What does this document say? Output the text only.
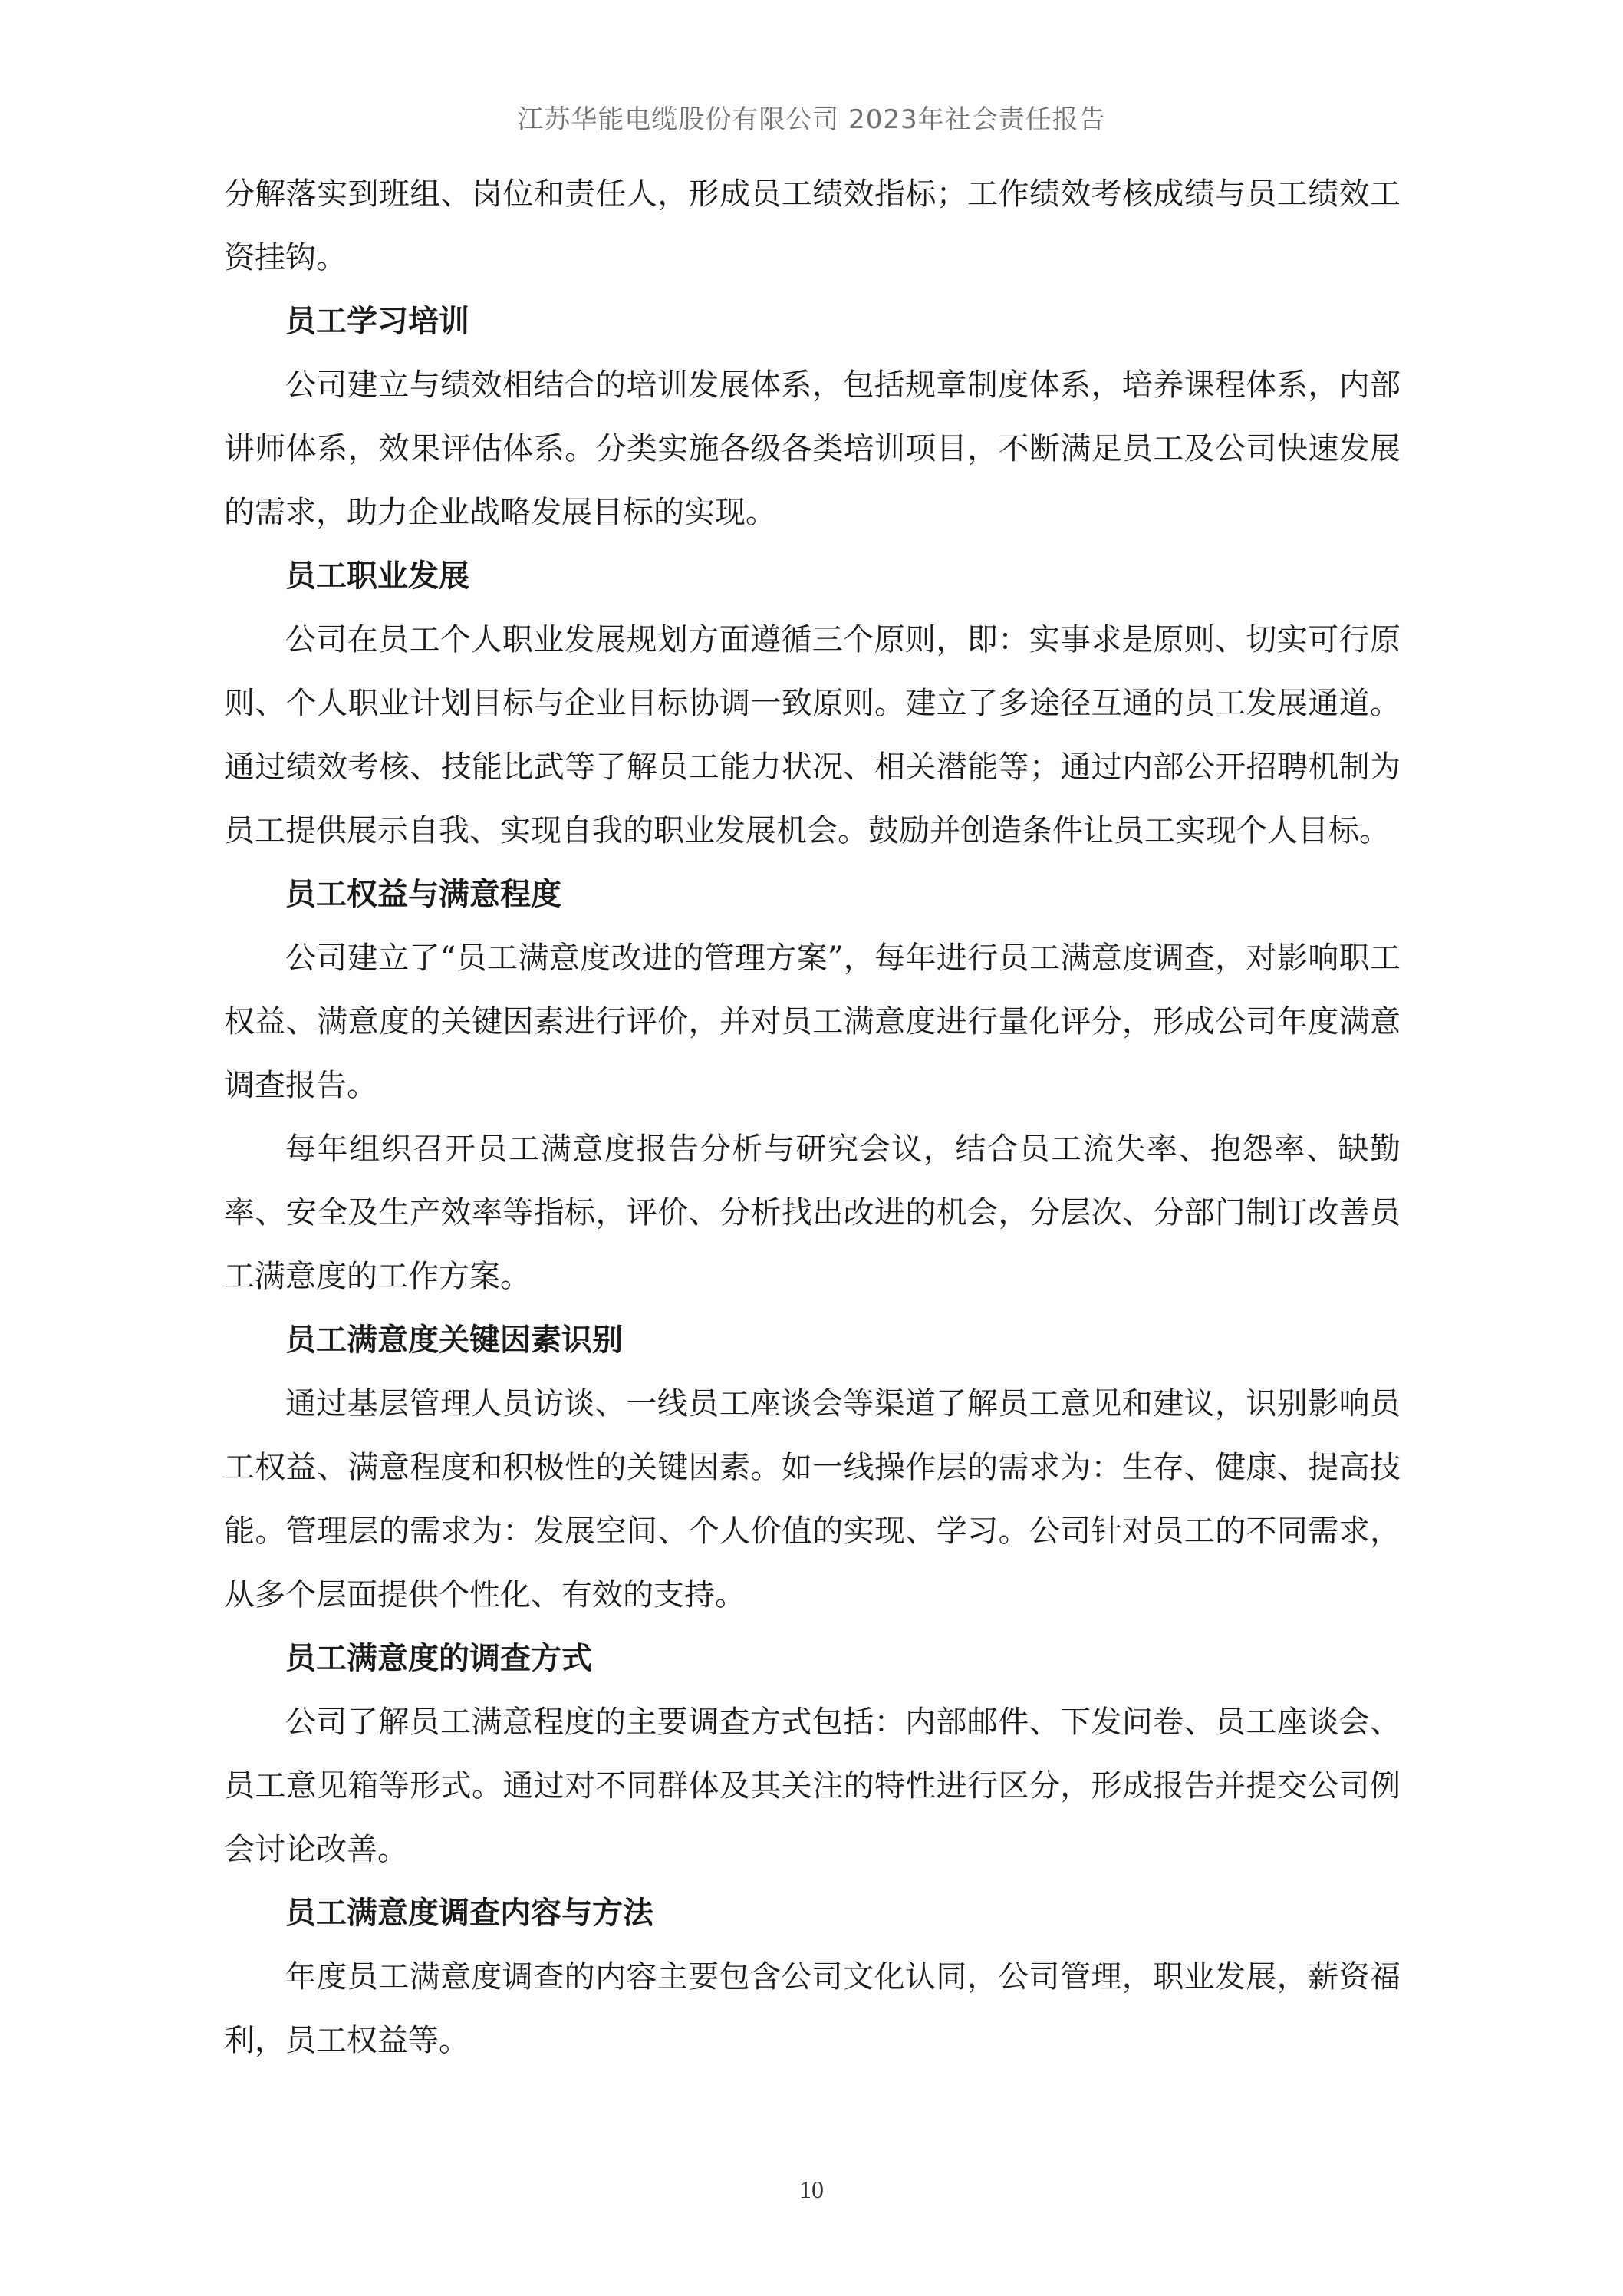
江苏华能电缆股份有限公司 2023年社会责任报告

分解落实到班组、岗位和责任人，形成员工绩效指标；工作绩效考核成绩与员工绩效工资挂钩。

员工学习培训

公司建立与绩效相结合的培训发展体系，包括规章制度体系，培养课程体系，内部讲师体系，效果评估体系。分类实施各级各类培训项目，不断满足员工及公司快速发展的需求，助力企业战略发展目标的实现。

员工职业发展

公司在员工个人职业发展规划方面遵循三个原则，即：实事求是原则、切实可行原则、个人职业计划目标与企业目标协调一致原则。建立了多途径互通的员工发展通道。通过绩效考核、技能比武等了解员工能力状况、相关潜能等；通过内部公开招聘机制为员工提供展示自我、实现自我的职业发展机会。鼓励并创造条件让员工实现个人目标。

员工权益与满意程度

公司建立了“员工满意度改进的管理方案”，每年进行员工满意度调查，对影响职工权益、满意度的关键因素进行评价，并对员工满意度进行量化评分，形成公司年度满意调查报告。

每年组织召开员工满意度报告分析与研究会议，结合员工流失率、抱怨率、缺勤率、安全及生产效率等指标，评价、分析找出改进的机会，分层次、分部门制订改善员工满意度的工作方案。

员工满意度关键因素识别

通过基层管理人员访谈、一线员工座谈会等渠道了解员工意见和建议，识别影响员工权益、满意程度和积极性的关键因素。如一线操作层的需求为：生存、健康、提高技能。管理层的需求为：发展空间、个人价值的实现、学习。公司针对员工的不同需求，从多个层面提供个性化、有效的支持。

员工满意度的调查方式

公司了解员工满意程度的主要调查方式包括：内部邮件、下发问卷、员工座谈会、员工意见箱等形式。通过对不同群体及其关注的特性进行区分，形成报告并提交公司例会讨论改善。

员工满意度调查内容与方法

年度员工满意度调查的内容主要包含公司文化认同，公司管理，职业发展，薪资福利，员工权益等。

10
